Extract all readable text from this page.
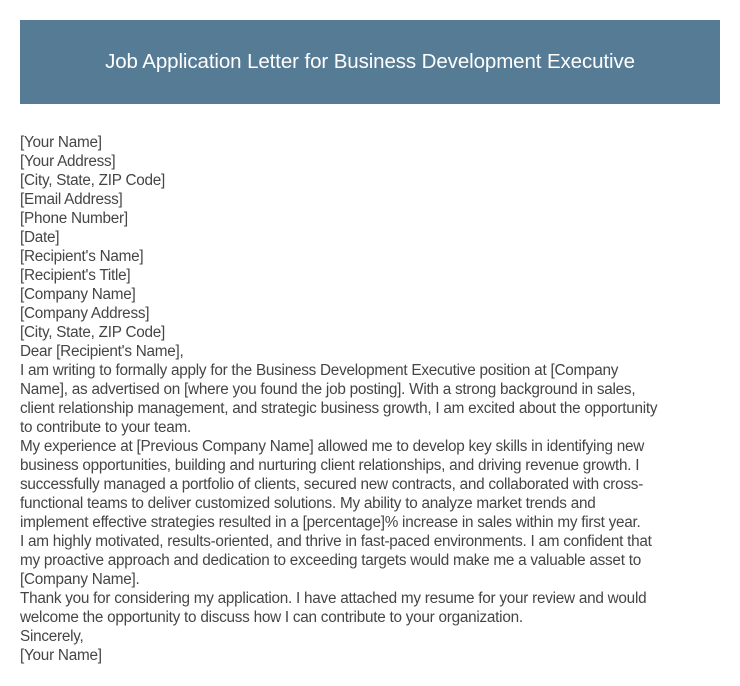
Job Application Letter for Business Development Executive
[Your Name]
[Your Address]
[City, State, ZIP Code]
[Email Address]
[Phone Number]
[Date]
[Recipient's Name]
[Recipient's Title]
[Company Name]
[Company Address]
[City, State, ZIP Code]
Dear [Recipient's Name],
I am writing to formally apply for the Business Development Executive position at [Company
Name], as advertised on [where you found the job posting]. With a strong background in sales,
client relationship management, and strategic business growth, I am excited about the opportunity
to contribute to your team.
My experience at [Previous Company Name] allowed me to develop key skills in identifying new
business opportunities, building and nurturing client relationships, and driving revenue growth. I
successfully managed a portfolio of clients, secured new contracts, and collaborated with cross-
functional teams to deliver customized solutions. My ability to analyze market trends and
implement effective strategies resulted in a [percentage]% increase in sales within my first year.
I am highly motivated, results-oriented, and thrive in fast-paced environments. I am confident that
my proactive approach and dedication to exceeding targets would make me a valuable asset to
[Company Name].
Thank you for considering my application. I have attached my resume for your review and would
welcome the opportunity to discuss how I can contribute to your organization.
Sincerely,
[Your Name]
